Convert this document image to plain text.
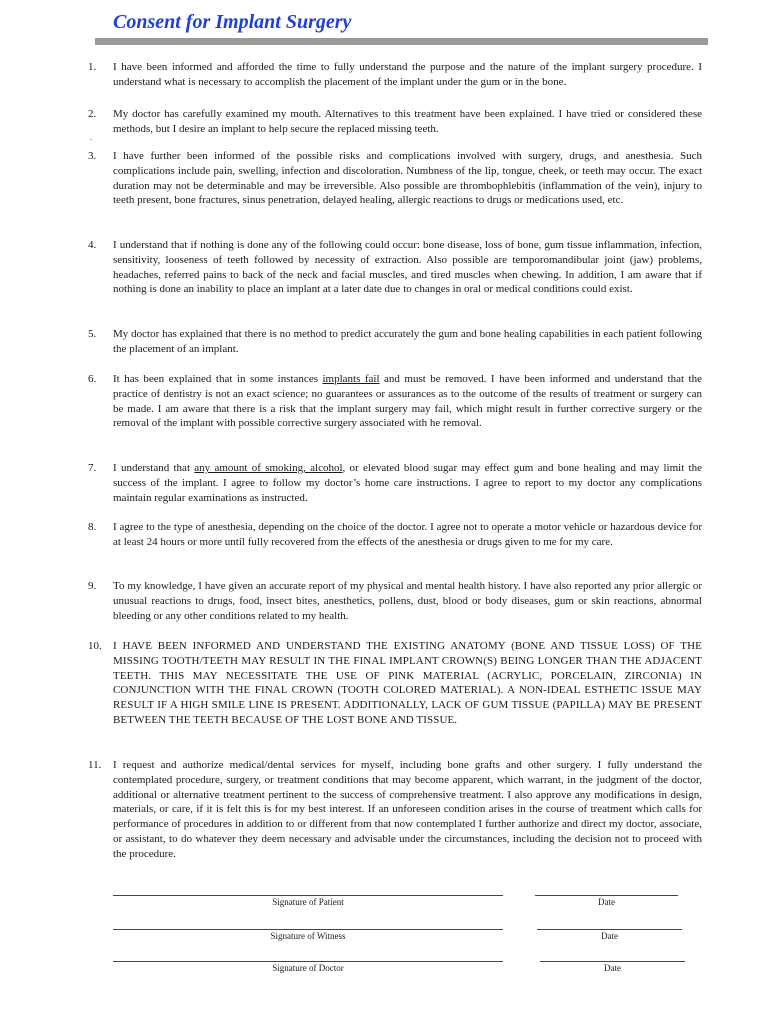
Consent for Implant Surgery
1.	I have been informed and afforded the time to fully understand the purpose and the nature of the implant surgery procedure. I understand what is necessary to accomplish the placement of the implant under the gum or in the bone.
2.	My doctor has carefully examined my mouth. Alternatives to this treatment have been explained. I have tried or considered these methods, but I desire an implant to help secure the replaced missing teeth.
.
3.	I have further been informed of the possible risks and complications involved with surgery, drugs, and anesthesia. Such complications include pain, swelling, infection and discoloration. Numbness of the lip, tongue, cheek, or teeth may occur. The exact duration may not be determinable and may be irreversible. Also possible are thrombophlebitis (inflammation of the vein), injury to teeth present, bone fractures, sinus penetration, delayed healing, allergic reactions to drugs or medications used, etc.
4.	I understand that if nothing is done any of the following could occur: bone disease, loss of bone, gum tissue inflammation, infection, sensitivity, looseness of teeth followed by necessity of extraction. Also possible are temporomandibular joint (jaw) problems, headaches, referred pains to back of the neck and facial muscles, and tired muscles when chewing. In addition, I am aware that if nothing is done an inability to place an implant at a later date due to changes in oral or medical conditions could exist.
5.	My doctor has explained that there is no method to predict accurately the gum and bone healing capabilities in each patient following the placement of an implant.
6.	It has been explained that in some instances implants fail and must be removed. I have been informed and understand that the practice of dentistry is not an exact science; no guarantees or assurances as to the outcome of the results of treatment or surgery can be made. I am aware that there is a risk that the implant surgery may fail, which might result in further corrective surgery or the removal of the implant with possible corrective surgery associated with he removal.
7.	I understand that any amount of smoking, alcohol, or elevated blood sugar may effect gum and bone healing and may limit the success of the implant. I agree to follow my doctor’s home care instructions. I agree to report to my doctor any complications maintain regular examinations as instructed.
8.	I agree to the type of anesthesia, depending on the choice of the doctor. I agree not to operate a motor vehicle or hazardous device for at least 24 hours or more until fully recovered from the effects of the anesthesia or drugs given to me for my care.
9.	To my knowledge, I have given an accurate report of my physical and mental health history. I have also reported any prior allergic or unusual reactions to drugs, food, insect bites, anesthetics, pollens, dust, blood or body diseases, gum or skin reactions, abnormal bleeding or any other conditions related to my health.
10.	I HAVE BEEN INFORMED AND UNDERSTAND THE EXISTING ANATOMY (BONE AND TISSUE LOSS) OF THE MISSING TOOTH/TEETH MAY RESULT IN THE FINAL IMPLANT CROWN(S) BEING LONGER THAN THE ADJACENT TEETH. THIS MAY NECESSITATE THE USE OF PINK MATERIAL (ACRYLIC, PORCELAIN, ZIRCONIA) IN CONJUNCTION WITH THE FINAL CROWN (TOOTH COLORED MATERIAL). A NON-IDEAL ESTHETIC ISSUE MAY RESULT IF A HIGH SMILE LINE IS PRESENT. ADDITIONALLY, LACK OF GUM TISSUE (PAPILLA) MAY BE PRESENT BETWEEN THE TEETH BECAUSE OF THE LOST BONE AND TISSUE.
11.	I request and authorize medical/dental services for myself, including bone grafts and other surgery. I fully understand the contemplated procedure, surgery, or treatment conditions that may become apparent, which warrant, in the judgment of the doctor, additional or alternative treatment pertinent to the success of comprehensive treatment. I also approve any modifications in design, materials, or care, if it is felt this is for my best interest. If an unforeseen condition arises in the course of treatment which calls for performance of procedures in addition to or different from that now contemplated I further authorize and direct my doctor, associate, or assistant, to do whatever they deem necessary and advisable under the circumstances, including the decision not to proceed with the procedure.
Signature of Patient	Date
Signature of Witness	Date
Signature of Doctor	Date
